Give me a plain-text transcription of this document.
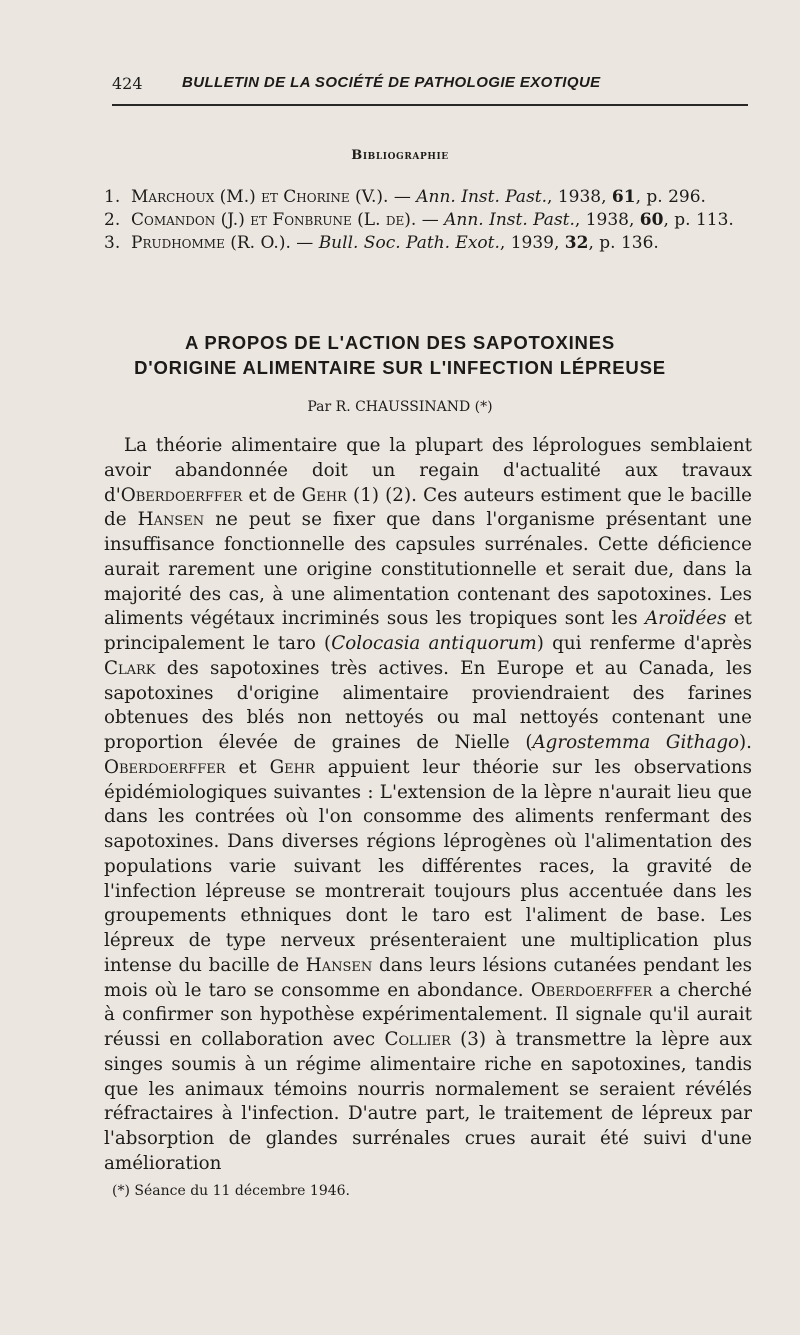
424	BULLETIN DE LA SOCIÉTÉ DE PATHOLOGIE EXOTIQUE
Bibliographie
1. Marchoux (M.) et Chorine (V.). — Ann. Inst. Past., 1938, 61, p. 296.
2. Comandon (J.) et Fonbrune (L. de). — Ann. Inst. Past., 1938, 60, p. 113.
3. Prudhomme (R. O.). — Bull. Soc. Path. Exot., 1939, 32, p. 136.
A PROPOS DE L'ACTION DES SAPOTOXINES
D'ORIGINE ALIMENTAIRE SUR L'INFECTION LÉPREUSE
Par R. CHAUSSINAND (*)

La théorie alimentaire que la plupart des léprologues semblaient avoir abandonnée doit un regain d'actualité aux travaux d'Oberdoerffer et de Gehr (1) (2). Ces auteurs estiment que le bacille de Hansen ne peut se fixer que dans l'organisme présentant une insuffisance fonctionnelle des capsules surrénales. Cette déficience aurait rarement une origine constitutionnelle et serait due, dans la majorité des cas, à une alimentation contenant des sapotoxines. Les aliments végétaux incriminés sous les tropiques sont les Aroïdées et principalement le taro (Colocasia antiquorum) qui renferme d'après Clark des sapotoxines très actives. En Europe et au Canada, les sapotoxines d'origine alimentaire proviendraient des farines obtenues des blés non nettoyés ou mal nettoyés contenant une proportion élevée de graines de Nielle (Agrostemma Githago). Oberdoerffer et Gehr appuient leur théorie sur les observations épidémiologiques suivantes : L'extension de la lèpre n'aurait lieu que dans les contrées où l'on consomme des aliments renfermant des sapotoxines. Dans diverses régions léprogènes où l'alimentation des populations varie suivant les différentes races, la gravité de l'infection lépreuse se montrerait toujours plus accentuée dans les groupements ethniques dont le taro est l'aliment de base. Les lépreux de type nerveux présenteraient une multiplication plus intense du bacille de Hansen dans leurs lésions cutanées pendant les mois où le taro se consomme en abondance. Oberdoerffer a cherché à confirmer son hypothèse expérimentalement. Il signale qu'il aurait réussi en collaboration avec Collier (3) à transmettre la lèpre aux singes soumis à un régime alimentaire riche en sapotoxines, tandis que les animaux témoins nourris normalement se seraient révélés réfractaires à l'infection. D'autre part, le traitement de lépreux par l'absorption de glandes surrénales crues aurait été suivi d'une amélioration

(*) Séance du 11 décembre 1946.
